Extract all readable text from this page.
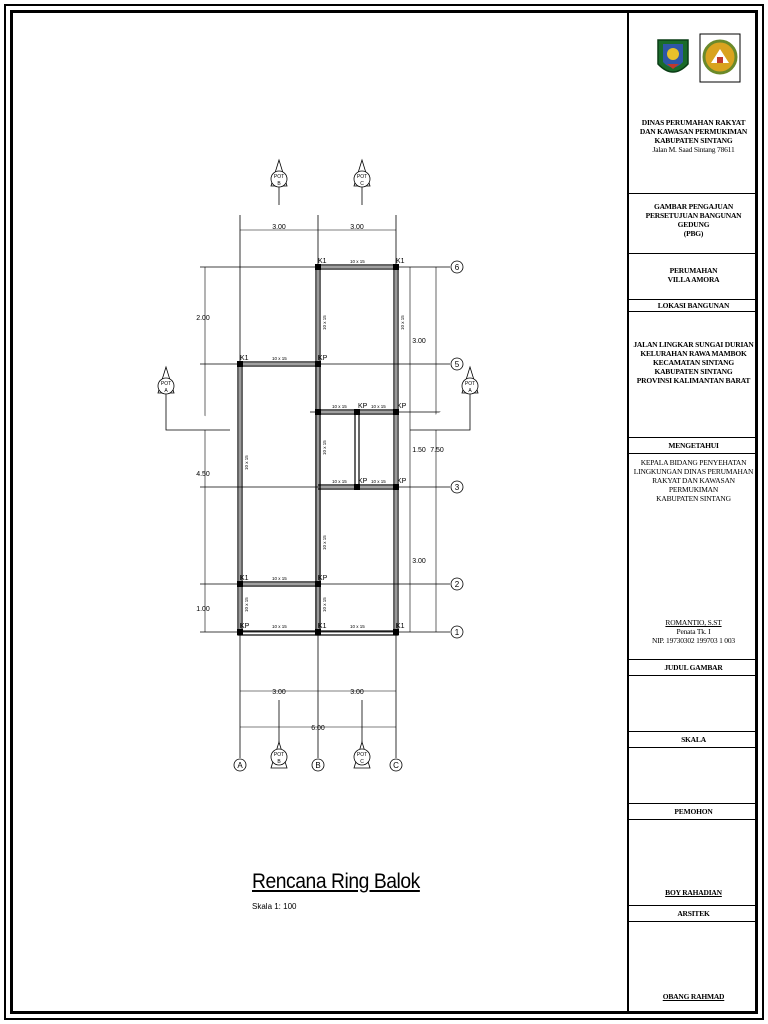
K1	K1
K1	KP
KP	KP
KP	KP
K1	KP
KP	K1	K1
10 x 15
10 x 15
10 x 15	10 x 15
10 x 15	10 x 15
10 x 15
10 x 15	10 x 15
10 x 15	10 x 15
10 x 15
10 x 15
10 x 15
10 x 15	10 x 15
3.00	3.00
3.00	3.00
6.00
2.00
4.50
1.00
3.00
1.50
3.00
7.50
6
5
3
2
1
A	B	C
POT
B
POT
C
POT
B
POT
C
POT
A
POT
A
Rencana Ring Balok
Skala 1: 100
DINAS PERUMAHAN RAKYAT
DAN KAWASAN PERMUKIMAN
KABUPATEN SINTANG
Jalan M. Saad Sintang 78611
GAMBAR PENGAJUAN
PERSETUJUAN BANGUNAN GEDUNG
(PBG)
PERUMAHAN
VILLA AMORA
LOKASI BANGUNAN
JALAN LINGKAR SUNGAI DURIAN
KELURAHAN RAWA MAMBOK
KECAMATAN SINTANG
KABUPATEN SINTANG
PROVINSI KALIMANTAN BARAT
MENGETAHUI
KEPALA BIDANG PENYEHATAN
LINGKUNGAN DINAS PERUMAHAN
RAKYAT DAN KAWASAN
PERMUKIMAN
KABUPATEN SINTANG
ROMANTIO, S.ST
Penata Tk. I
NIP. 19730302 199703 1 003
JUDUL GAMBAR
SKALA
PEMOHON
BOY RAHADIAN
ARSITEK
OBANG RAHMAD
